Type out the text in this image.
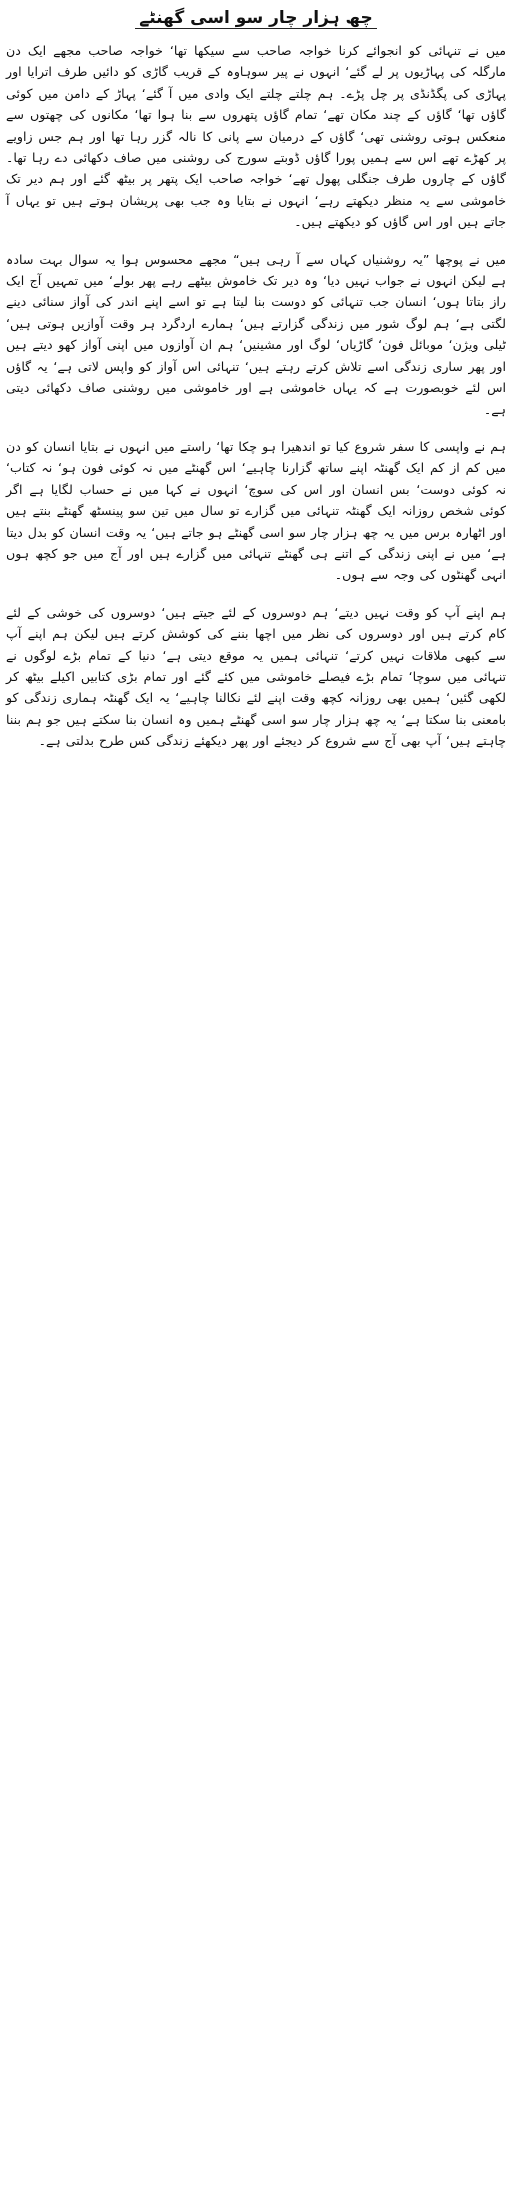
چھ ہزار چار سو اسی گھنٹے

میں نے تنہائی کو انجوائے کرنا خواجہ صاحب سے سیکھا تھا‘ خواجہ صاحب مجھے ایک دن مارگلہ کی پہاڑیوں پر لے گئے‘ انہوں نے پیر سوہاوہ کے قریب گاڑی کو دائیں طرف اترایا اور پہاڑی کی پگڈنڈی پر چل پڑے۔ ہم چلتے چلتے ایک وادی میں آ گئے‘ پہاڑ کے دامن میں کوئی گاؤں تھا‘ گاؤں کے چند مکان تھے‘ تمام گاؤں پتھروں سے بنا ہوا تھا‘ مکانوں کی چھتوں سے منعکس ہوتی روشنی تھی‘ گاؤں کے درمیان سے پانی کا نالہ گزر رہا تھا اور ہم جس زاویے پر کھڑے تھے اس سے ہمیں پورا گاؤں ڈوبتے سورج کی روشنی میں صاف دکھائی دے رہا تھا۔ گاؤں کے چاروں طرف جنگلی پھول تھے‘ خواجہ صاحب ایک پتھر پر بیٹھ گئے اور ہم دیر تک خاموشی سے یہ منظر دیکھتے رہے‘ انہوں نے بتایا وہ جب بھی پریشان ہوتے ہیں تو یہاں آ جاتے ہیں اور اس گاؤں کو دیکھتے ہیں۔

میں نے پوچھا ”یہ روشنیاں کہاں سے آ رہی ہیں“ مجھے محسوس ہوا یہ سوال بہت سادہ ہے لیکن انہوں نے جواب نہیں دیا‘ وہ دیر تک خاموش بیٹھے رہے پھر بولے‘ میں تمہیں آج ایک راز بتاتا ہوں‘ انسان جب تنہائی کو دوست بنا لیتا ہے تو اسے اپنے اندر کی آواز سنائی دینے لگتی ہے‘ ہم لوگ شور میں زندگی گزارتے ہیں‘ ہمارے اردگرد ہر وقت آوازیں ہوتی ہیں‘ ٹیلی ویژن‘ موبائل فون‘ گاڑیاں‘ لوگ اور مشینیں‘ ہم ان آوازوں میں اپنی آواز کھو دیتے ہیں اور پھر ساری زندگی اسے تلاش کرتے رہتے ہیں‘ تنہائی اس آواز کو واپس لاتی ہے‘ یہ گاؤں اس لئے خوبصورت ہے کہ یہاں خاموشی ہے اور خاموشی میں روشنی صاف دکھائی دیتی ہے۔

ہم نے واپسی کا سفر شروع کیا تو اندھیرا ہو چکا تھا‘ راستے میں انہوں نے بتایا انسان کو دن میں کم از کم ایک گھنٹہ اپنے ساتھ گزارنا چاہیے‘ اس گھنٹے میں نہ کوئی فون ہو‘ نہ کتاب‘ نہ کوئی دوست‘ بس انسان اور اس کی سوچ‘ انہوں نے کہا میں نے حساب لگایا ہے اگر کوئی شخص روزانہ ایک گھنٹہ تنہائی میں گزارے تو سال میں تین سو پینسٹھ گھنٹے بنتے ہیں اور اٹھارہ برس میں یہ چھ ہزار چار سو اسی گھنٹے ہو جاتے ہیں‘ یہ وقت انسان کو بدل دیتا ہے‘ میں نے اپنی زندگی کے اتنے ہی گھنٹے تنہائی میں گزارے ہیں اور آج میں جو کچھ ہوں انہی گھنٹوں کی وجہ سے ہوں۔

ہم اپنے آپ کو وقت نہیں دیتے‘ ہم دوسروں کے لئے جیتے ہیں‘ دوسروں کی خوشی کے لئے کام کرتے ہیں اور دوسروں کی نظر میں اچھا بننے کی کوشش کرتے ہیں لیکن ہم اپنے آپ سے کبھی ملاقات نہیں کرتے‘ تنہائی ہمیں یہ موقع دیتی ہے‘ دنیا کے تمام بڑے لوگوں نے تنہائی میں سوچا‘ تمام بڑے فیصلے خاموشی میں کئے گئے اور تمام بڑی کتابیں اکیلے بیٹھ کر لکھی گئیں‘ ہمیں بھی روزانہ کچھ وقت اپنے لئے نکالنا چاہیے‘ یہ ایک گھنٹہ ہماری زندگی کو بامعنی بنا سکتا ہے‘ یہ چھ ہزار چار سو اسی گھنٹے ہمیں وہ انسان بنا سکتے ہیں جو ہم بننا چاہتے ہیں‘ آپ بھی آج سے شروع کر دیجئے اور پھر دیکھئے زندگی کس طرح بدلتی ہے۔
